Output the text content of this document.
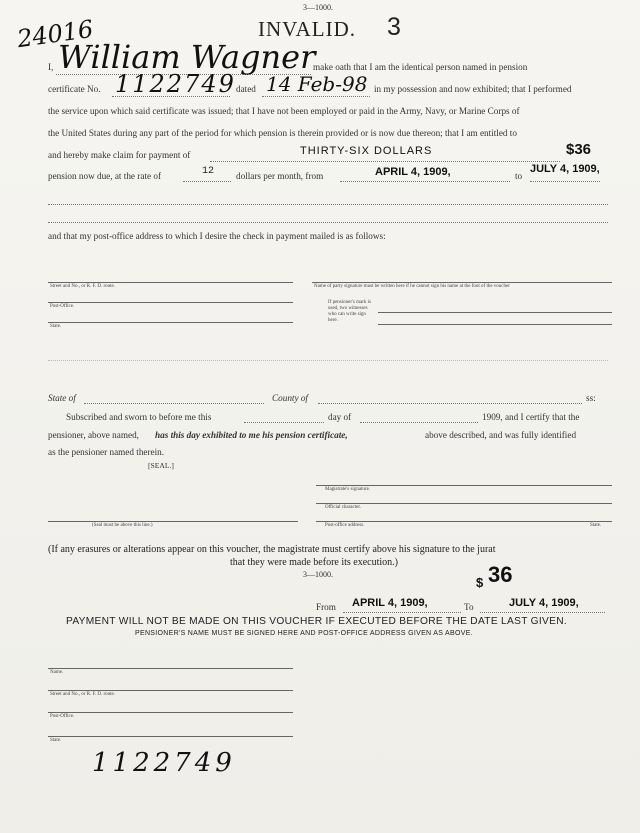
3—1000.
INVALID. 3
24016
I, William Wagner
make oath that I am the identical person named in pension
certificate No. 1122749 dated 14 Feb-98 in my possession and now exhibited; that I performed
the service upon which said certificate was issued; that I have not been employed or paid in the Army, Navy, or Marine Corps of
the United States during any part of the period for which pension is therein provided or is now due thereon; that I am entitled to
and hereby make claim for payment of	THIRTY-SIX DOLLARS	$36
pension now due, at the rate of	12 dollars per month, from	APRIL 4, 1909,	to
JULY 4, 1909,
and that my post-office address to which I desire the check in payment mailed is as follows:
Street and No., or R. F. D. route.
Post-Office.
State.
Name of party signature must be written here if he cannot sign his name at the foot of the voucher
If pensioner's mark is used, two witnesses who can write sign here.
State of	County of	ss:
Subscribed and sworn to before me this	day of	1909, and I certify that the
pensioner, above named, has this day exhibited to me his pension certificate,	above described, and was fully identified
as the pensioner named therein.
[SEAL.]
Magistrate's signature.
Official character.
(Seal must be above this line.)	Post-office address.	State.
(If any erasures or alterations appear on this voucher, the magistrate must certify above his signature to the jurat
that they were made before its execution.)
3—1000.
$ 36
From APRIL 4, 1909,	To	JULY 4, 1909,
PAYMENT WILL NOT BE MADE ON THIS VOUCHER IF EXECUTED BEFORE THE DATE LAST GIVEN.
PENSIONER'S NAME MUST BE SIGNED HERE AND POST-OFFICE ADDRESS GIVEN AS ABOVE.
Name.
Street and No., or R. F. D. route.
Post-Office.
State.
1122749
